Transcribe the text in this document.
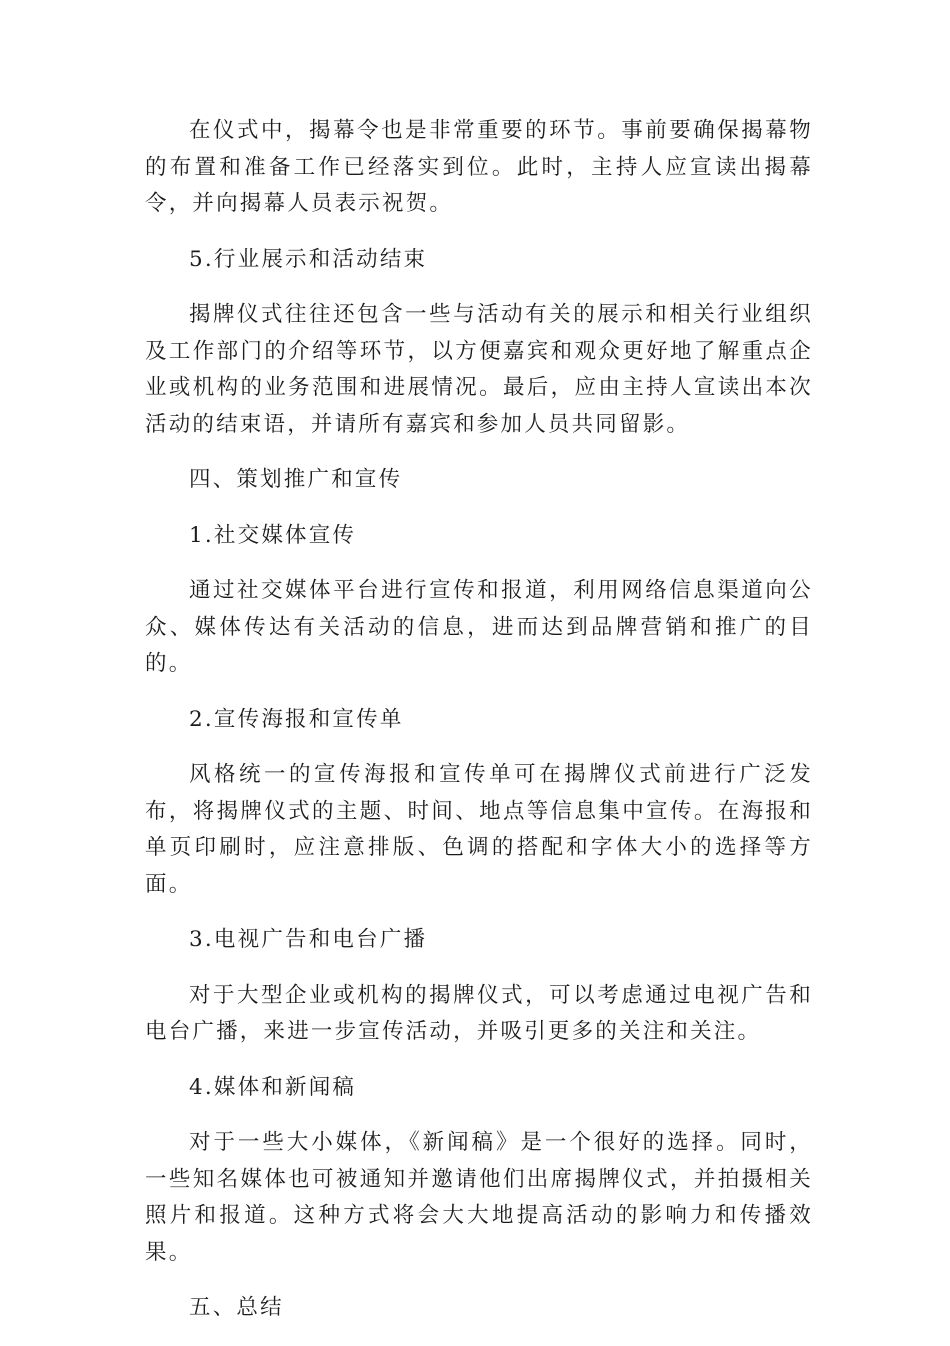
在仪式中，揭幕令也是非常重要的环节。事前要确保揭幕物的布置和准备工作已经落实到位。此时，主持人应宣读出揭幕令，并向揭幕人员表示祝贺。

5.行业展示和活动结束

揭牌仪式往往还包含一些与活动有关的展示和相关行业组织及工作部门的介绍等环节，以方便嘉宾和观众更好地了解重点企业或机构的业务范围和进展情况。最后，应由主持人宣读出本次活动的结束语，并请所有嘉宾和参加人员共同留影。

四、策划推广和宣传

1.社交媒体宣传

通过社交媒体平台进行宣传和报道，利用网络信息渠道向公众、媒体传达有关活动的信息，进而达到品牌营销和推广的目的。

2.宣传海报和宣传单

风格统一的宣传海报和宣传单可在揭牌仪式前进行广泛发布，将揭牌仪式的主题、时间、地点等信息集中宣传。在海报和单页印刷时，应注意排版、色调的搭配和字体大小的选择等方面。

3.电视广告和电台广播

对于大型企业或机构的揭牌仪式，可以考虑通过电视广告和电台广播，来进一步宣传活动，并吸引更多的关注和关注。

4.媒体和新闻稿

对于一些大小媒体，《新闻稿》是一个很好的选择。同时，一些知名媒体也可被通知并邀请他们出席揭牌仪式，并拍摄相关照片和报道。这种方式将会大大地提高活动的影响力和传播效果。

五、总结
